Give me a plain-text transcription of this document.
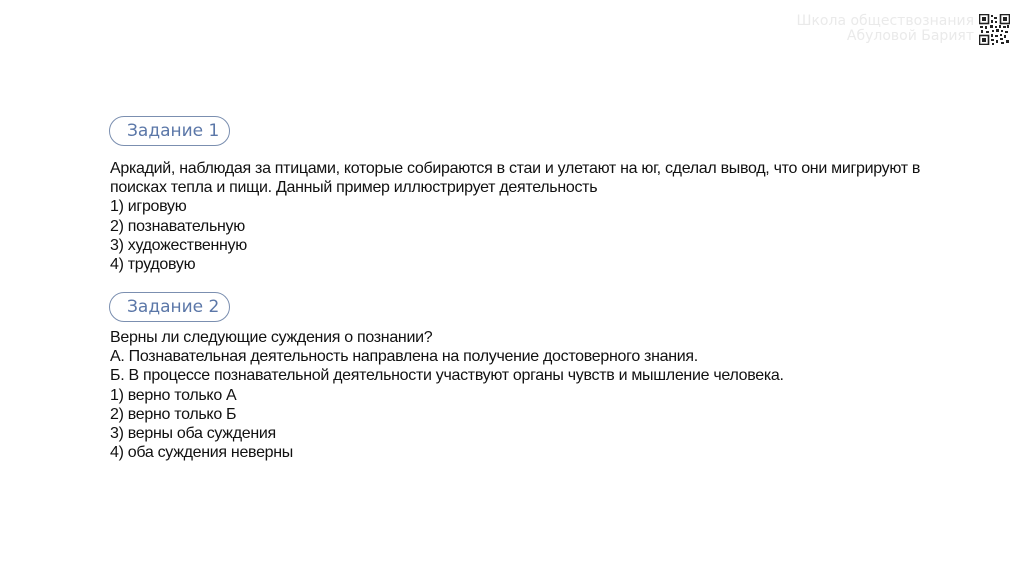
Школа обществознания
Абуловой Барият
Задание 1
Аркадий, наблюдая за птицами, которые собираются в стаи и улетают на юг, сделал вывод, что они мигрируют в
поисках тепла и пищи. Данный пример иллюстрирует деятельность
1) игровую
2) познавательную
3) художественную
4) трудовую
Задание 2
Верны ли следующие суждения о познании?
А. Познавательная деятельность направлена на получение достоверного знания.
Б. В процессе познавательной деятельности участвуют органы чувств и мышление человека.
1) верно только А
2) верно только Б
3) верны оба суждения
4) оба суждения неверны
